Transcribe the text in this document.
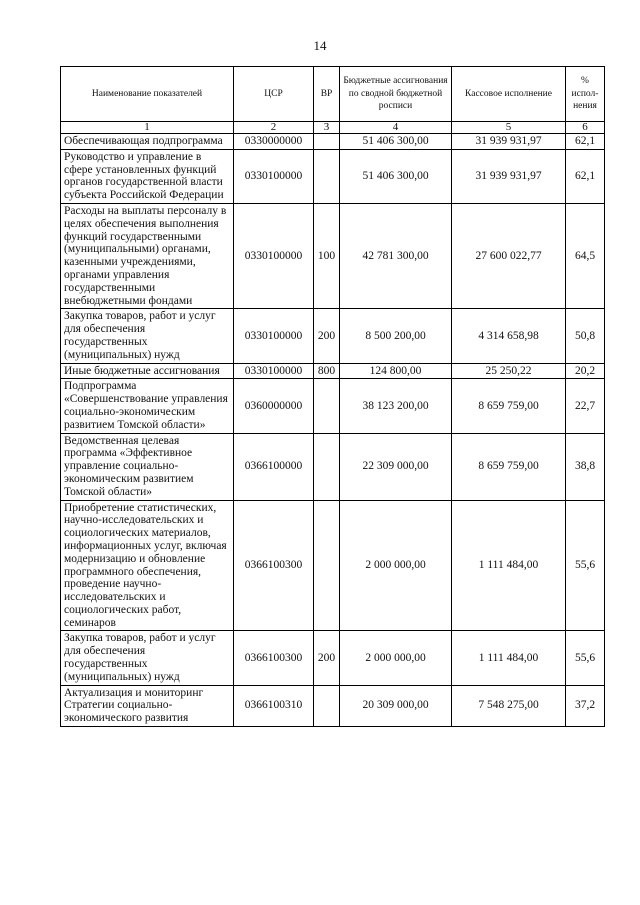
14
Наименование показателей	ЦСР	ВР	Бюджетные ассигнования по сводной бюджетной росписи	Кассовое исполнение	% испол-нения
1	2	3	4	5	6
Обеспечивающая подпрограмма	0330000000		51 406 300,00	31 939 931,97	62,1
Руководство и управление в сфере установленных функций органов государственной власти субъекта Российской Федерации	0330100000		51 406 300,00	31 939 931,97	62,1
Расходы на выплаты персоналу в целях обеспечения выполнения функций государственными (муниципальными) органами, казенными учреждениями, органами управления государственными внебюджетными фондами	0330100000	100	42 781 300,00	27 600 022,77	64,5
Закупка товаров, работ и услуг для обеспечения государственных (муниципальных) нужд	0330100000	200	8 500 200,00	4 314 658,98	50,8
Иные бюджетные ассигнования	0330100000	800	124 800,00	25 250,22	20,2
Подпрограмма «Совершенствование управления социально-экономическим развитием Томской области»	0360000000		38 123 200,00	8 659 759,00	22,7
Ведомственная целевая программа «Эффективное управление социально-экономическим развитием Томской области»	0366100000		22 309 000,00	8 659 759,00	38,8
Приобретение статистических, научно-исследовательских и социологических материалов, информационных услуг, включая модернизацию и обновление программного обеспечения, проведение научно-исследовательских и социологических работ, семинаров	0366100300		2 000 000,00	1 111 484,00	55,6
Закупка товаров, работ и услуг для обеспечения государственных (муниципальных) нужд	0366100300	200	2 000 000,00	1 111 484,00	55,6
Актуализация и мониторинг Стратегии социально-экономического развития	0366100310		20 309 000,00	7 548 275,00	37,2
